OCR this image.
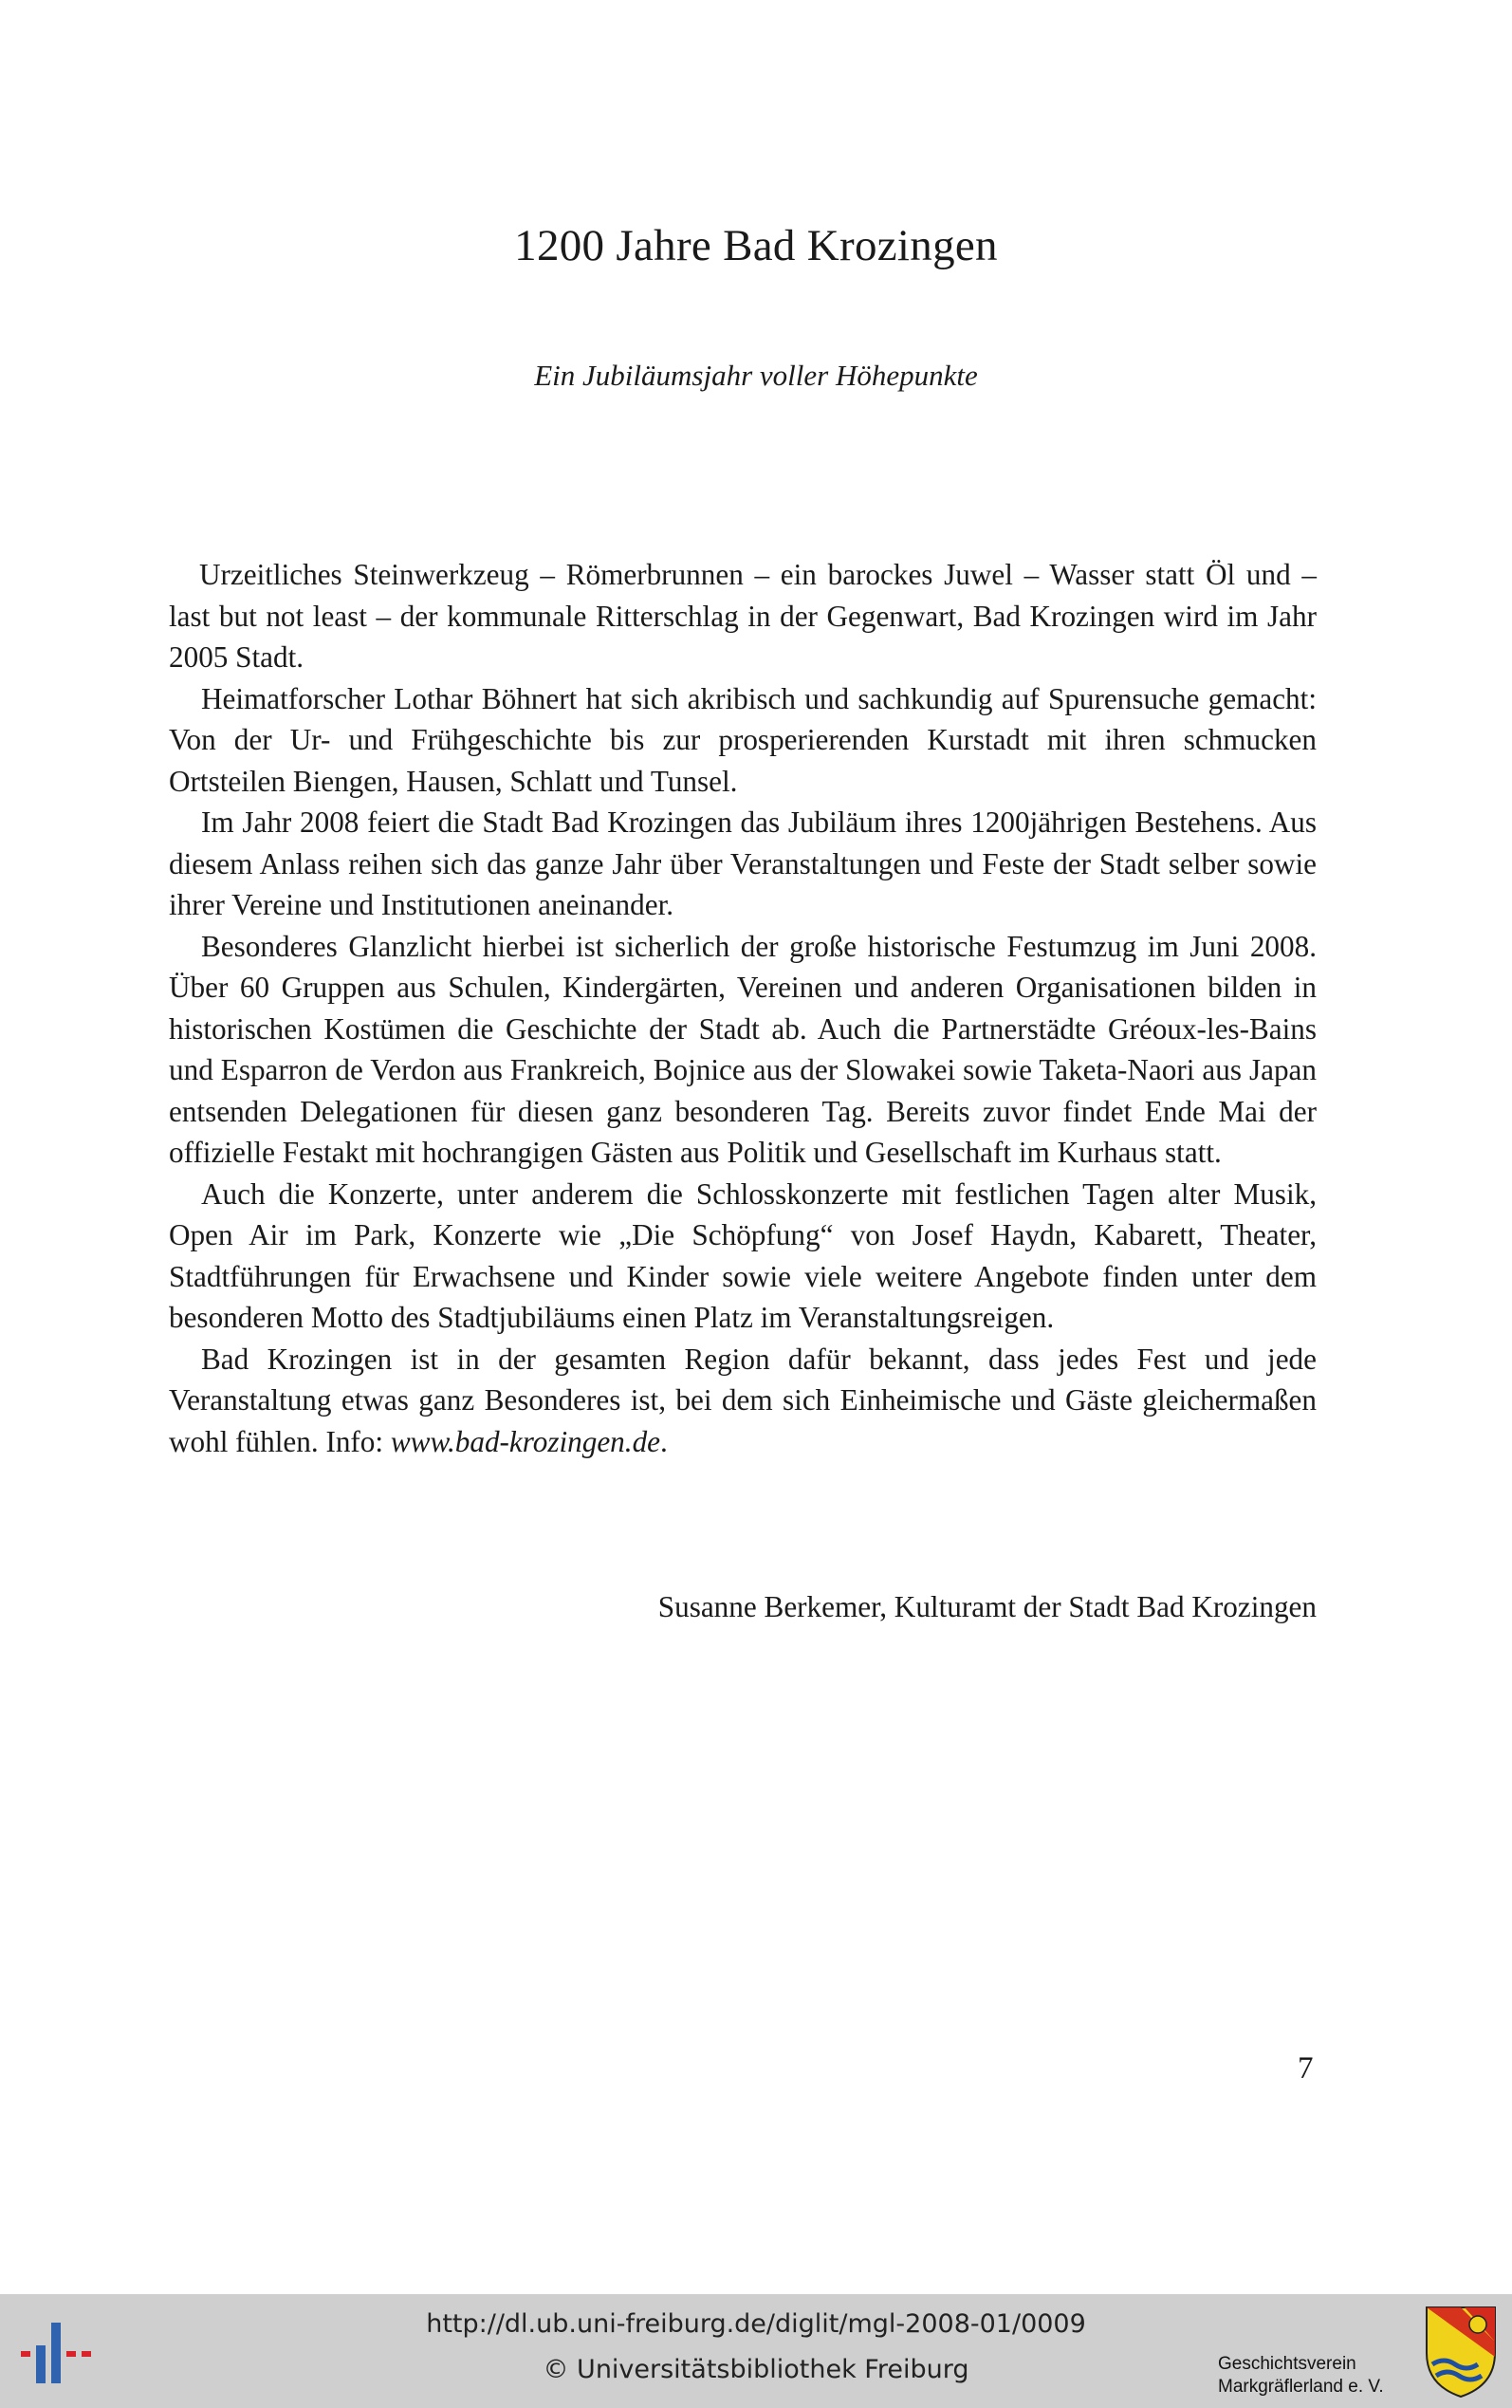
1200 Jahre Bad Krozingen

Ein Jubiläumsjahr voller Höhepunkte

Urzeitliches Steinwerkzeug – Römerbrunnen – ein barockes Juwel – Wasser statt Öl und – last but not least – der kommunale Ritterschlag in der Gegenwart, Bad Krozingen wird im Jahr 2005 Stadt.

Heimatforscher Lothar Böhnert hat sich akribisch und sachkundig auf Spurensuche gemacht: Von der Ur- und Frühgeschichte bis zur prosperierenden Kurstadt mit ihren schmucken Ortsteilen Biengen, Hausen, Schlatt und Tunsel.

Im Jahr 2008 feiert die Stadt Bad Krozingen das Jubiläum ihres 1200jährigen Bestehens. Aus diesem Anlass reihen sich das ganze Jahr über Veranstaltungen und Feste der Stadt selber sowie ihrer Vereine und Institutionen aneinander.

Besonderes Glanzlicht hierbei ist sicherlich der große historische Festumzug im Juni 2008. Über 60 Gruppen aus Schulen, Kindergärten, Vereinen und anderen Organisationen bilden in historischen Kostümen die Geschichte der Stadt ab. Auch die Partnerstädte Gréoux-les-Bains und Esparron de Verdon aus Frankreich, Bojnice aus der Slowakei sowie Taketa-Naori aus Japan entsenden Delegationen für diesen ganz besonderen Tag. Bereits zuvor findet Ende Mai der offizielle Festakt mit hochrangigen Gästen aus Politik und Gesellschaft im Kurhaus statt.

Auch die Konzerte, unter anderem die Schlosskonzerte mit festlichen Tagen alter Musik, Open Air im Park, Konzerte wie „Die Schöpfung“ von Josef Haydn, Kabarett, Theater, Stadtführungen für Erwachsene und Kinder sowie viele weitere Angebote finden unter dem besonderen Motto des Stadtjubiläums einen Platz im Veranstaltungsreigen.

Bad Krozingen ist in der gesamten Region dafür bekannt, dass jedes Fest und jede Veranstaltung etwas ganz Besonderes ist, bei dem sich Einheimische und Gäste gleichermaßen wohl fühlen. Info: www.bad-krozingen.de.

Susanne Berkemer, Kulturamt der Stadt Bad Krozingen

7

http://dl.ub.uni-freiburg.de/diglit/mgl-2008-01/0009
© Universitätsbibliothek Freiburg	Geschichtsverein
Markgräflerland e. V.
